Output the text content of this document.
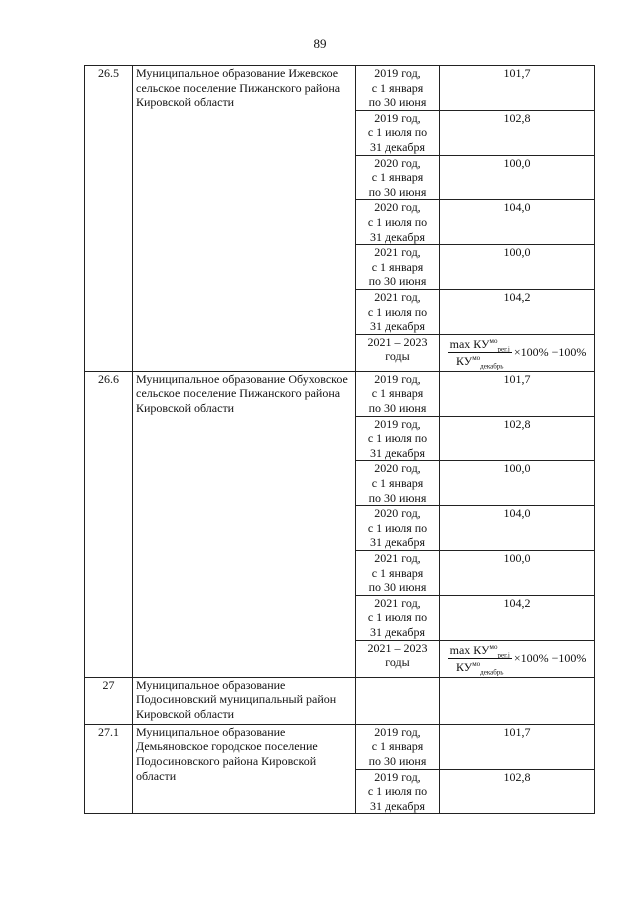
89
26.5	Муниципальное образование Ижевское сельское поселение Пижанского района Кировской области	2019 год,
с 1 января
по 30 июня	101,7

		2019 год,
с 1 июля по
31 декабря	102,8

		2020 год,
с 1 января
по 30 июня	100,0

		2020 год,
с 1 июля по
31 декабря	104,0

		2021 год,
с 1 января
по 30 июня	100,0

		2021 год,
с 1 июля по
31 декабря	104,2

		2021 – 2023
годы	$\frac{\max КУ^{мо}_{рег.j}}{КУ^{мо}_{декабрь}} \times 100\% -100\%$

26.6	Муниципальное образование Обуховское сельское поселение Пижанского района Кировской области	2019 год,
с 1 января
по 30 июня	101,7

		2019 год,
с 1 июля по
31 декабря	102,8

		2020 год,
с 1 января
по 30 июня	100,0

		2020 год,
с 1 июля по
31 декабря	104,0

		2021 год,
с 1 января
по 30 июня	100,0

		2021 год,
с 1 июля по
31 декабря	104,2

		2021 – 2023
годы	$\frac{\max КУ^{мо}_{рег.j}}{КУ^{мо}_{декабрь}} \times 100\% -100\%$

27	Муниципальное образование Подосиновский муниципальный район Кировской области		
27.1	Муниципальное образование Демьяновское городское поселение Подосиновского района Кировской области	2019 год,
с 1 января
по 30 июня	101,7

		2019 год,
с 1 июля по
31 декабря	102,8
